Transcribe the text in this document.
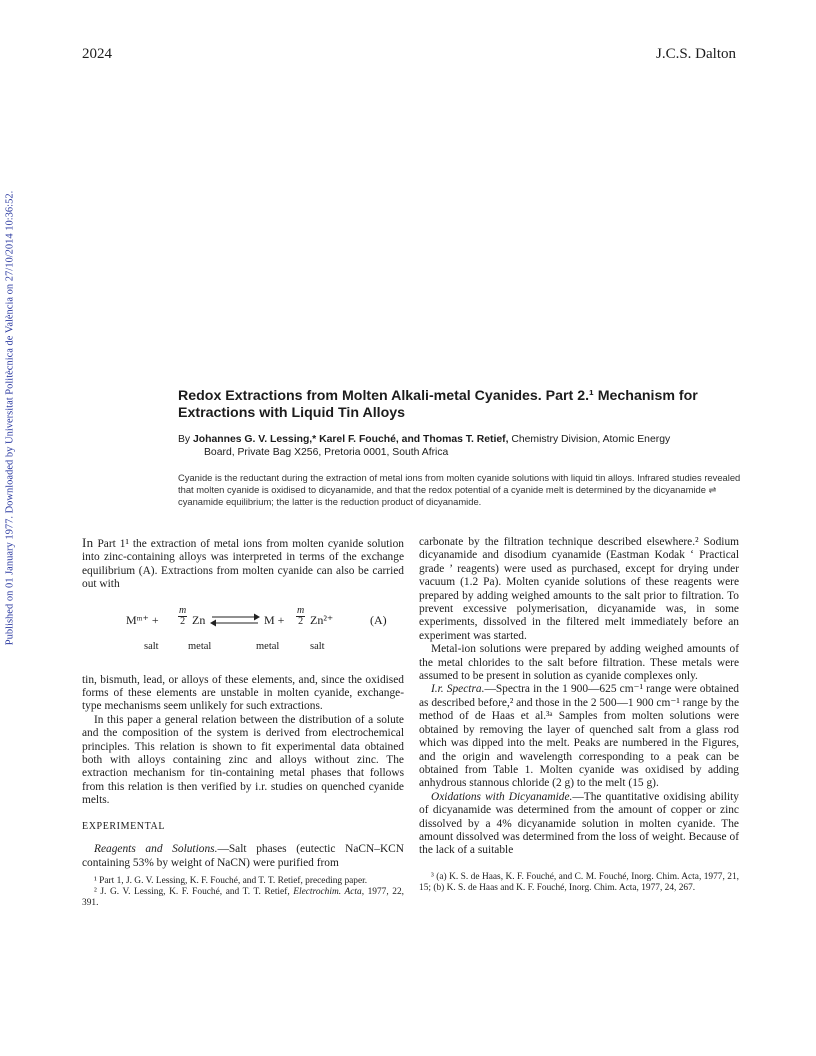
2024	J.C.S. Dalton
Published on 01 January 1977. Downloaded by Universitat Politècnica de València on 27/10/2014 10:36:52.	Redox Extractions from Molten Alkali-metal Cyanides. Part 2.¹ Mechanism for Extractions with Liquid Tin Alloys

By Johannes G. V. Lessing,* Karel F. Fouché, and Thomas T. Retief, Chemistry Division, Atomic Energy
Board, Private Bag X256, Pretoria 0001, South Africa

Cyanide is the reductant during the extraction of metal ions from molten cyanide solutions with liquid tin alloys. Infrared studies revealed that molten cyanide is oxidised to dicyanamide, and that the redox potential of a cyanide melt is determined by the dicyanamide ⇌ cyanamide equilibrium; the latter is the reduction product of dicyanamide.

In Part 1¹ the extraction of metal ions from molten cyanide solution into zinc-containing alloys was interpreted in terms of the exchange equilibrium (A). Extractions from molten cyanide can also be carried out with

Mᵐ⁺ + $\frac{m}{2}$ Zn	$M + \frac{m}{2} Zn^{2+}$	(A)
salt	metal	metal	salt

tin, bismuth, lead, or alloys of these elements, and, since the oxidised forms of these elements are unstable in molten cyanide, exchange-type mechanisms seem unlikely for such extractions.

In this paper a general relation between the distribution of a solute and the composition of the system is derived from electrochemical principles. This relation is shown to fit experimental data obtained both with alloys containing zinc and alloys without zinc. The extraction mechanism for tin-containing metal phases that follows from this relation is then verified by i.r. studies on quenched cyanide melts.

EXPERIMENTAL

Reagents and Solutions.—Salt phases (eutectic NaCN–KCN containing 53% by weight of NaCN) were purified from

¹ Part 1, J. G. V. Lessing, K. F. Fouché, and T. T. Retief, preceding paper.

² J. G. V. Lessing, K. F. Fouché, and T. T. Retief, Electrochim. Acta, 1977, 22, 391.

carbonate by the filtration technique described elsewhere.² Sodium dicyanamide and disodium cyanamide (Eastman Kodak ‘ Practical grade ’ reagents) were used as purchased, except for drying under vacuum (1.2 Pa). Molten cyanide solutions of these reagents were prepared by adding weighed amounts to the salt prior to filtration. To prevent excessive polymerisation, dicyanamide was, in some experiments, dissolved in the filtered melt immediately before an experiment was started.

Metal-ion solutions were prepared by adding weighed amounts of the metal chlorides to the salt before filtration. These metals were assumed to be present in solution as cyanide complexes only.

I.r. Spectra.—Spectra in the 1 900—625 cm⁻¹ range were obtained as described before,² and those in the 2 500—1 900 cm⁻¹ range by the method of de Haas et al.³ᵃ Samples from molten solutions were obtained by removing the layer of quenched salt from a glass rod which was dipped into the melt. Peaks are numbered in the Figures, and the origin and wavelength corresponding to a peak can be obtained from Table 1. Molten cyanide was oxidised by adding anhydrous stannous chloride (2 g) to the melt (15 g).

Oxidations with Dicyanamide.—The quantitative oxidising ability of dicyanamide was determined from the amount of copper or zinc dissolved by a 4% dicyanamide solution in molten cyanide. The amount dissolved was determined from the loss of weight. Because of the lack of a suitable

³ (a) K. S. de Haas, K. F. Fouché, and C. M. Fouché, Inorg. Chim. Acta, 1977, 21, 15; (b) K. S. de Haas and K. F. Fouché, Inorg. Chim. Acta, 1977, 24, 267.
